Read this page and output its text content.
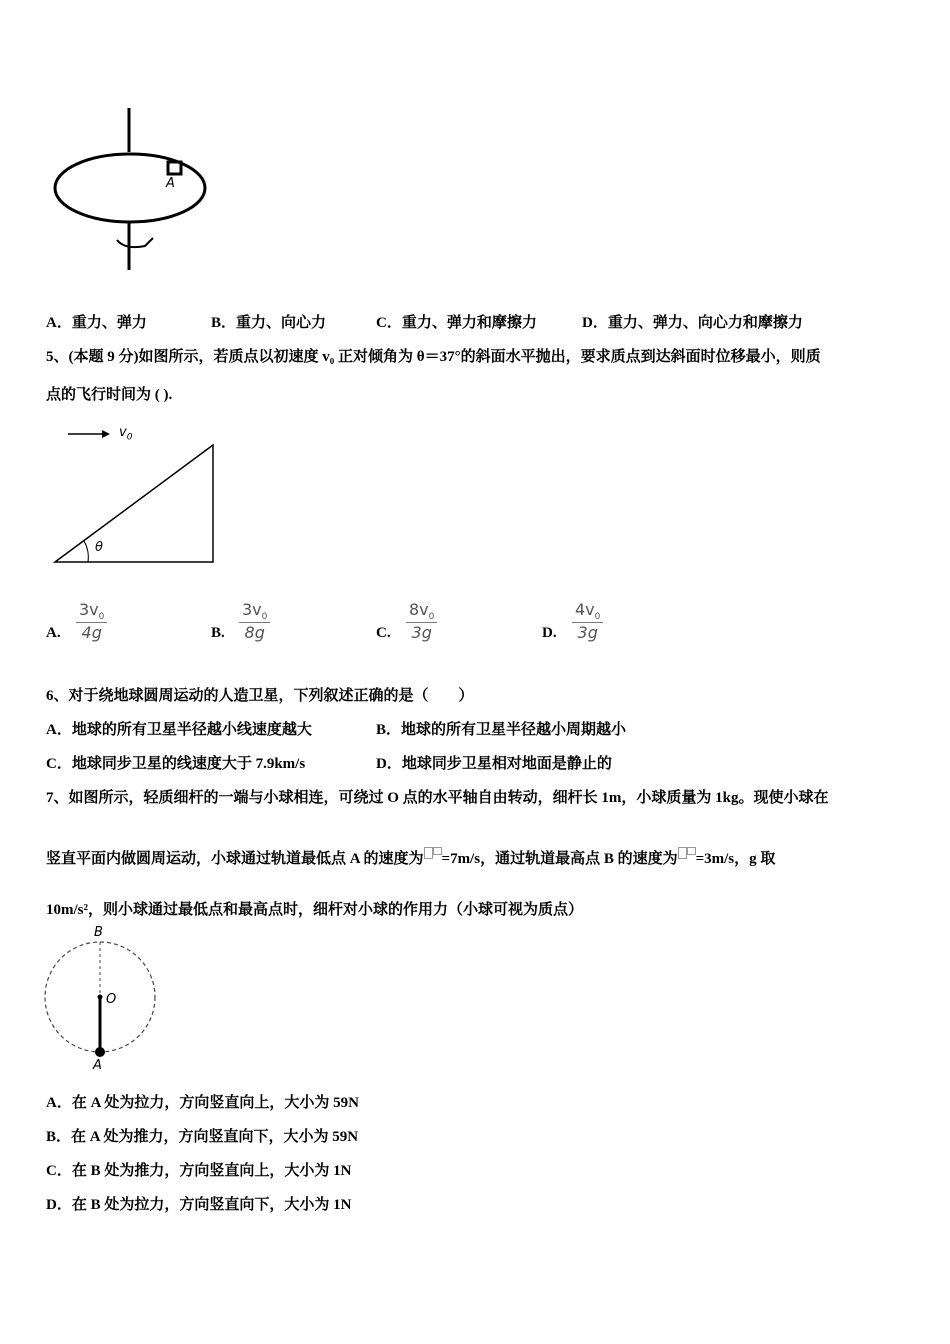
A
A．重力、弹力	B．重力、向心力	C．重力、弹力和摩擦力	D．重力、弹力、向心力和摩擦力
5、(本题 9 分)如图所示，若质点以初速度 v₀ 正对倾角为 θ＝37°的斜面水平抛出，要求质点到达斜面时位移最小，则质
点的飞行时间为 ( ).
$v_0$
θ
A. $\frac{3v_0}{4g}$	B. $\frac{3v_0}{8g}$	C. $\frac{8v_0}{3g}$	D. $\frac{4v_0}{3g}$
6、对于绕地球圆周运动的人造卫星，下列叙述正确的是（　　）
A．地球的所有卫星半径越小线速度越大	B．地球的所有卫星半径越小周期越小
C．地球同步卫星的线速度大于 7.9km/s	D．地球同步卫星相对地面是静止的
7、如图所示，轻质细杆的一端与小球相连，可绕过 O 点的水平轴自由转动，细杆长 1m，小球质量为 1kg。现使小球在
竖直平面内做圆周运动，小球通过轨道最低点 A 的速度为 =7m/s，通过轨道最高点 B 的速度为 =3m/s，g 取
10m/s²，则小球通过最低点和最高点时，细杆对小球的作用力（小球可视为质点）
B
O
A
A．在 A 处为拉力，方向竖直向上，大小为 59N
B．在 A 处为推力，方向竖直向下，大小为 59N
C．在 B 处为推力，方向竖直向上，大小为 1N
D．在 B 处为拉力，方向竖直向下，大小为 1N
